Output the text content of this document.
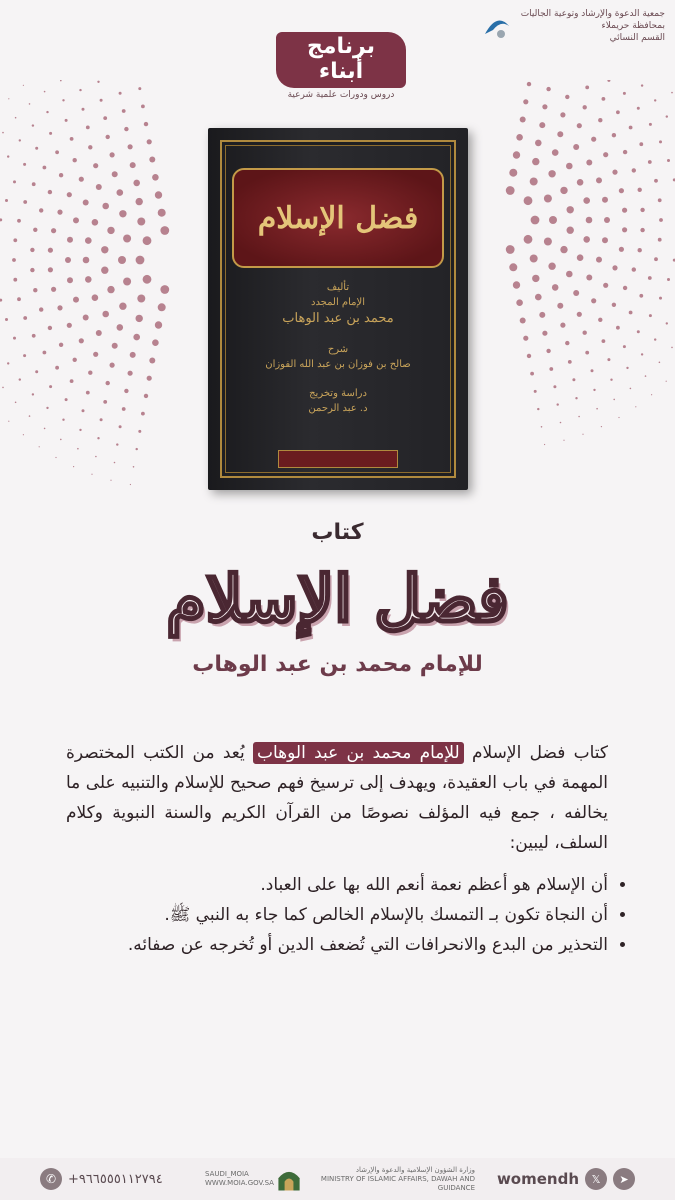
جمعية الدعوة والإرشاد وتوعية الجاليات
بمحافظة حريملاء
القسم النسائي
برنامج أبناء
دروس ودورات علمية شرعية
فضل الإسلام
تأليف
الإمام المجدد
محمد بن عبد الوهاب
شرح
صالح بن فوزان بن عبد الله الفوزان
دراسة وتخريج
د. عبد الرحمن
كتاب
فضل الإسلام
للإمام محمد بن عبد الوهاب
كتاب فضل الإسلام للإمام محمد بن عبد الوهاب يُعد من الكتب المختصرة المهمة في باب العقيدة، ويهدف إلى ترسيخ فهم صحيح للإسلام والتنبيه على ما يخالفه ، جمع فيه المؤلف نصوصًا من القرآن الكريم والسنة النبوية وكلام السلف، ليبين:
• أن الإسلام هو أعظم نعمة أنعم الله بها على العباد.
• أن النجاة تكون بـ التمسك بالإسلام الخالص كما جاء به النبي ﷺ.
• التحذير من البدع والانحرافات التي تُضعف الدين أو تُخرجه عن صفائه.
✆ +٩٦٦٥٥٥١١٢٧٩٤	SAUDI_MOIA
WWW.MOIA.GOV.SA
وزارة الشؤون الإسلامية والدعوة والإرشاد
MINISTRY OF ISLAMIC AFFAIRS, DAWAH AND GUIDANCE womendh	𝕏	➤
